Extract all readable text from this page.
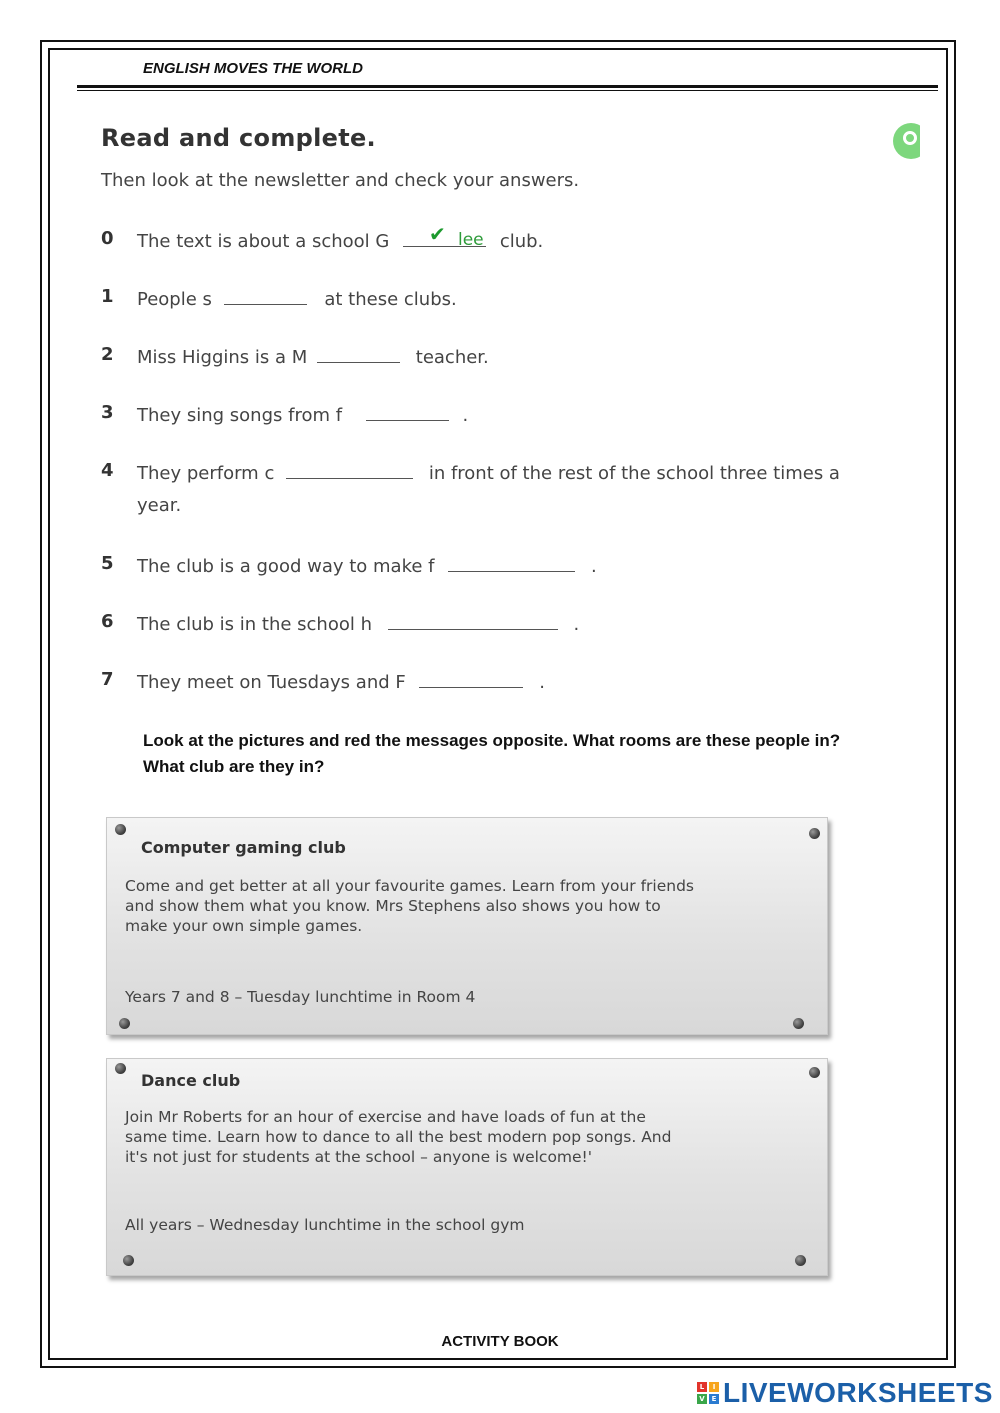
ENGLISH MOVES THE WORLD
Read and complete.
Then look at the newsletter and check your answers.
0 The text is about a school G	club.
✔ lee
1 People s	at these clubs.
2 Miss Higgins is a M	teacher.
3 They sing songs from f	.
4 They perform c	in front of the rest of the school three times a
year.
5 The club is a good way to make f	.
6 The club is in the school h	.
7 They meet on Tuesdays and F	.
Look at the pictures and red the messages opposite. What rooms are these people in? What club are they in?
Computer gaming club
Come and get better at all your favourite games. Learn from your friends
and show them what you know. Mrs Stephens also shows you how to
make your own simple games.
Years 7 and 8 – Tuesday lunchtime in Room 4
Dance club
Join Mr Roberts for an hour of exercise and have loads of fun at the
same time. Learn how to dance to all the best modern pop songs. And
it's not just for students at the school – anyone is welcome!'
All years – Wednesday lunchtime in the school gym
ACTIVITY BOOK
L	I
V E LIVEWORKSHEETS
